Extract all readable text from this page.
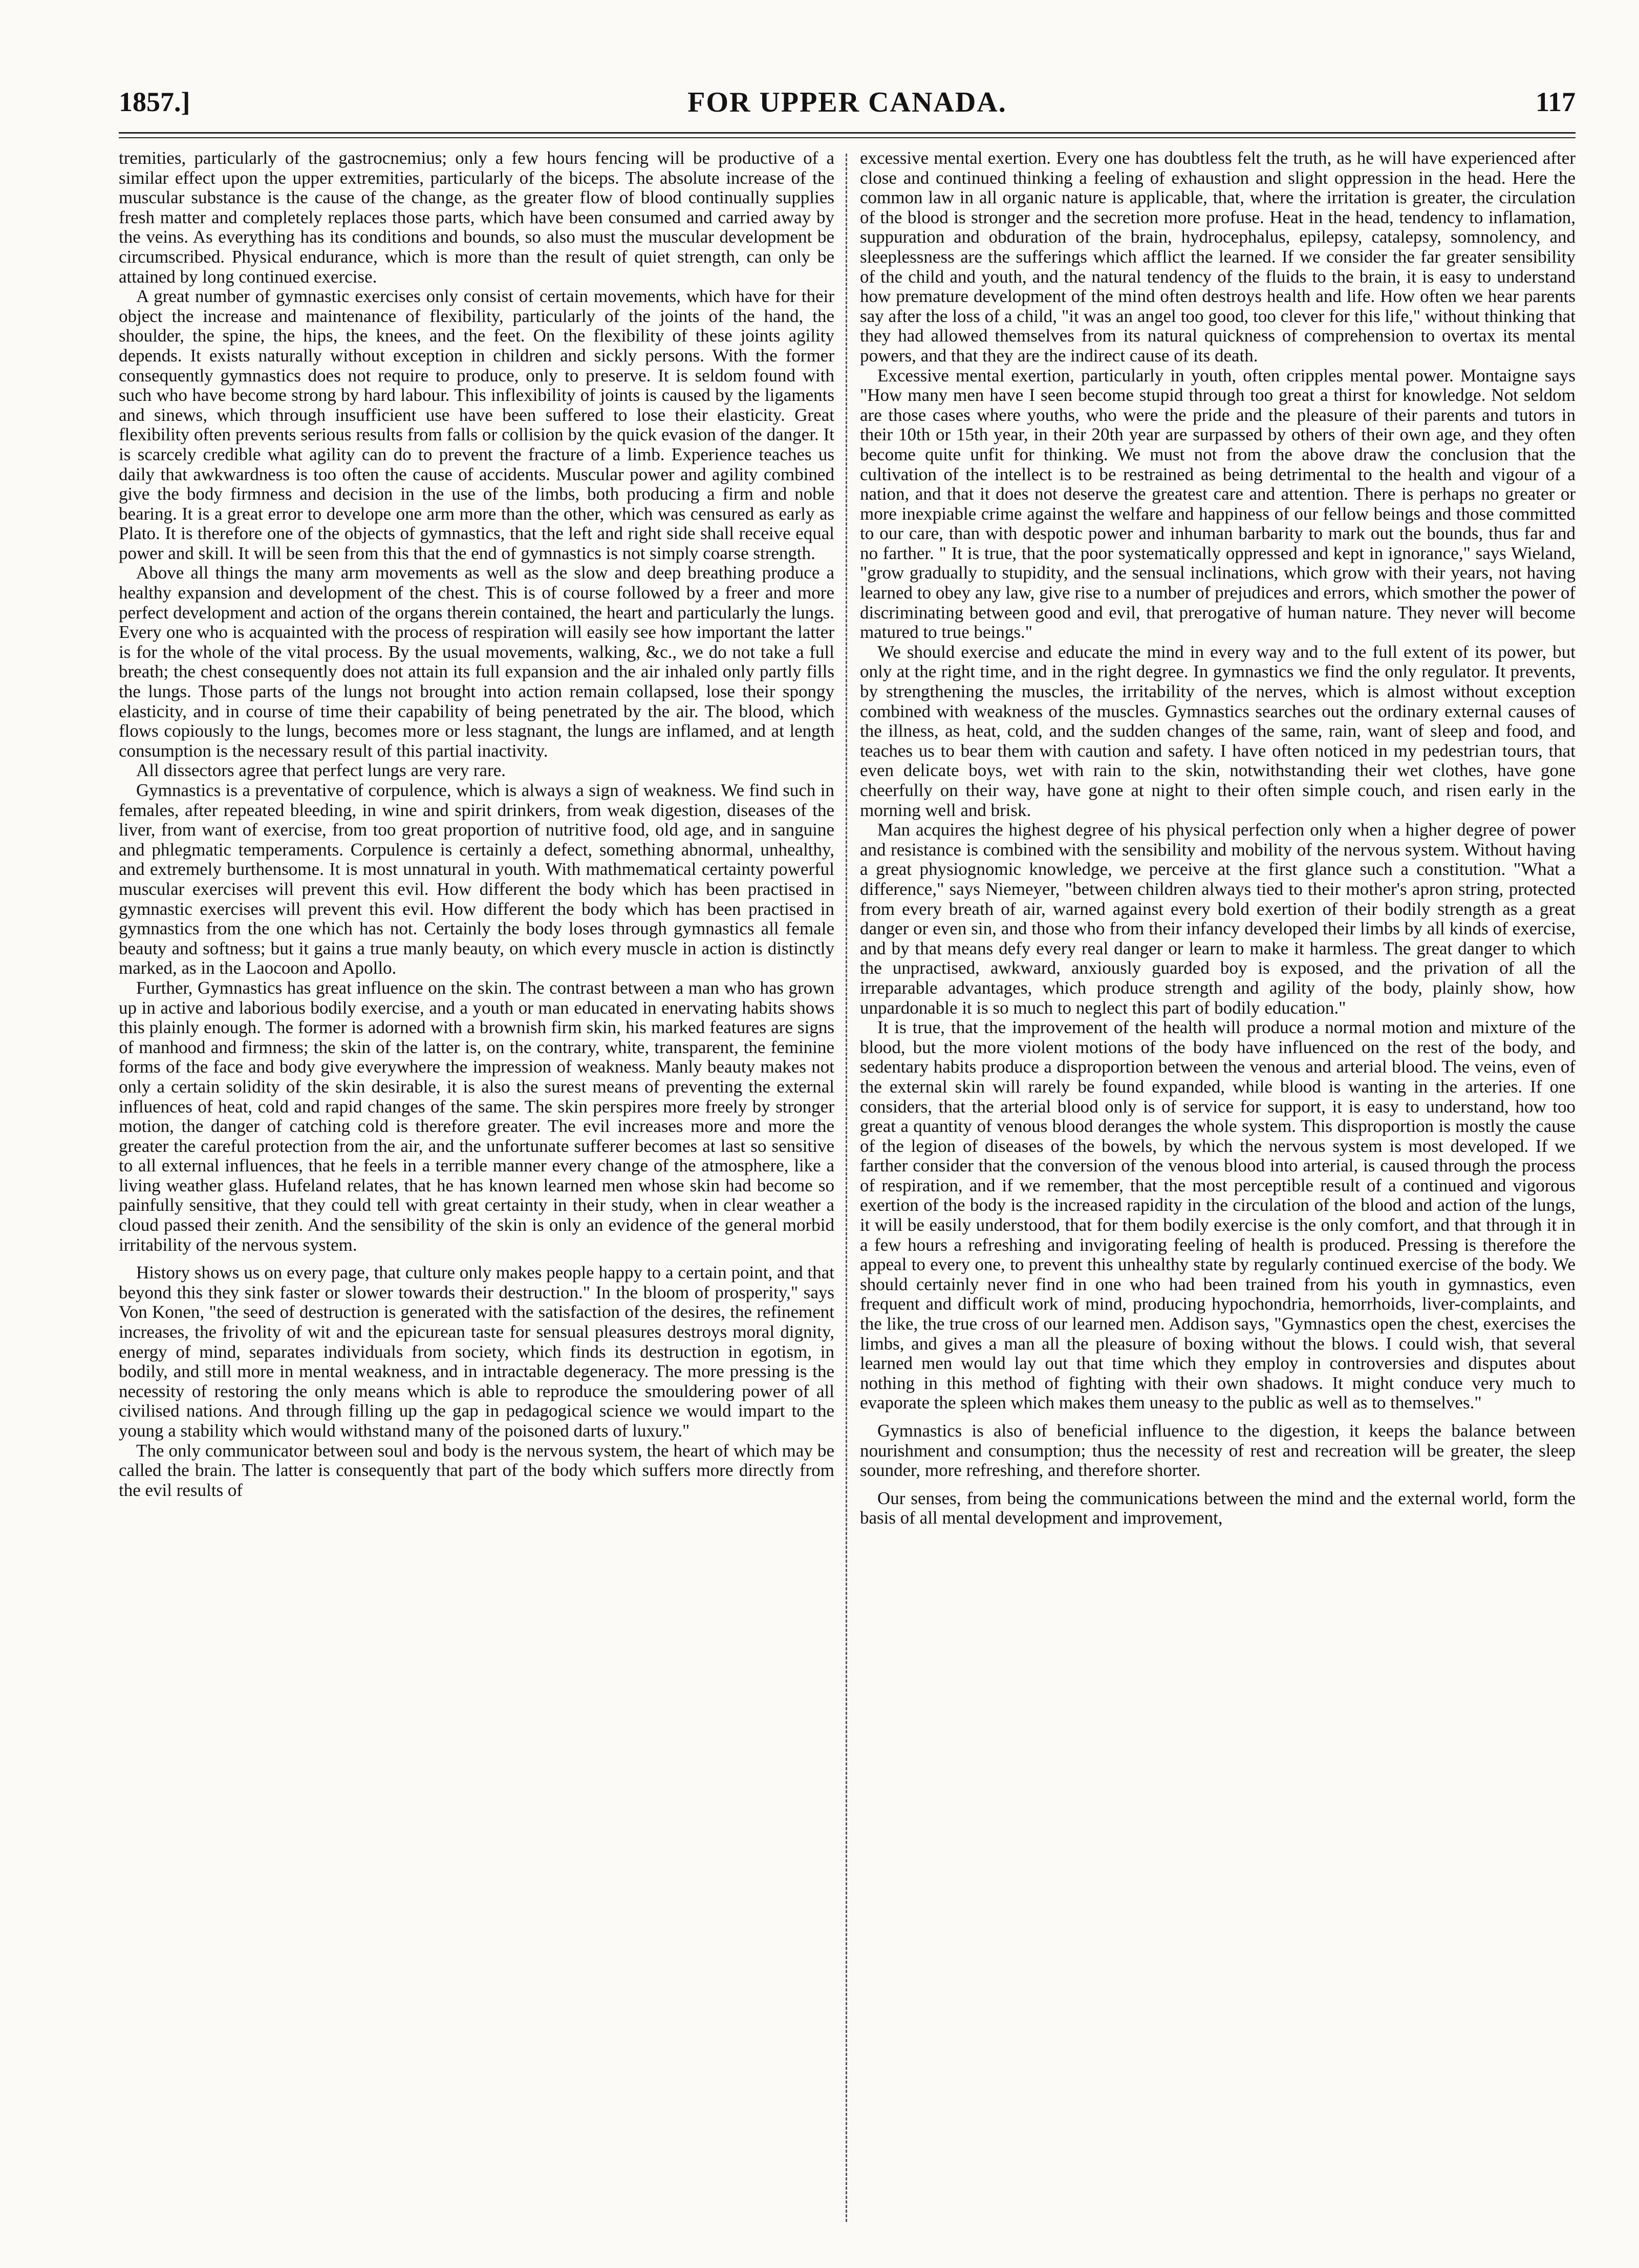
1857.]	FOR UPPER CANADA.	117

tremities, particularly of the gastrocnemius; only a few hours fencing will be productive of a similar effect upon the upper extremities, particularly of the biceps. The absolute increase of the muscular substance is the cause of the change, as the greater flow of blood continually supplies fresh matter and completely replaces those parts, which have been consumed and carried away by the veins. As everything has its conditions and bounds, so also must the muscular development be circumscribed. Physical endurance, which is more than the result of quiet strength, can only be attained by long continued exercise.

A great number of gymnastic exercises only consist of certain movements, which have for their object the increase and maintenance of flexibility, particularly of the joints of the hand, the shoulder, the spine, the hips, the knees, and the feet. On the flexibility of these joints agility depends. It exists naturally without exception in children and sickly persons. With the former consequently gymnastics does not require to produce, only to preserve. It is seldom found with such who have become strong by hard labour. This inflexibility of joints is caused by the ligaments and sinews, which through insufficient use have been suffered to lose their elasticity. Great flexibility often prevents serious results from falls or collision by the quick evasion of the danger. It is scarcely credible what agility can do to prevent the fracture of a limb. Experience teaches us daily that awkwardness is too often the cause of accidents. Muscular power and agility combined give the body firmness and decision in the use of the limbs, both producing a firm and noble bearing. It is a great error to develope one arm more than the other, which was censured as early as Plato. It is therefore one of the objects of gymnastics, that the left and right side shall receive equal power and skill. It will be seen from this that the end of gymnastics is not simply coarse strength.

Above all things the many arm movements as well as the slow and deep breathing produce a healthy expansion and development of the chest. This is of course followed by a freer and more perfect development and action of the organs therein contained, the heart and particularly the lungs. Every one who is acquainted with the process of respiration will easily see how important the latter is for the whole of the vital process. By the usual movements, walking, &c., we do not take a full breath; the chest consequently does not attain its full expansion and the air inhaled only partly fills the lungs. Those parts of the lungs not brought into action remain collapsed, lose their spongy elasticity, and in course of time their capability of being penetrated by the air. The blood, which flows copiously to the lungs, becomes more or less stagnant, the lungs are inflamed, and at length consumption is the necessary result of this partial inactivity.

All dissectors agree that perfect lungs are very rare.

Gymnastics is a preventative of corpulence, which is always a sign of weakness. We find such in females, after repeated bleeding, in wine and spirit drinkers, from weak digestion, diseases of the liver, from want of exercise, from too great proportion of nutritive food, old age, and in sanguine and phlegmatic temperaments. Corpulence is certainly a defect, something abnormal, unhealthy, and extremely burthensome. It is most unnatural in youth. With mathmematical certainty powerful muscular exercises will prevent this evil. How different the body which has been practised in gymnastic exercises will prevent this evil. How different the body which has been practised in gymnastics from the one which has not. Certainly the body loses through gymnastics all female beauty and softness; but it gains a true manly beauty, on which every muscle in action is distinctly marked, as in the Laocoon and Apollo.

Further, Gymnastics has great influence on the skin. The contrast between a man who has grown up in active and laborious bodily exercise, and a youth or man educated in enervating habits shows this plainly enough. The former is adorned with a brownish firm skin, his marked features are signs of manhood and firmness; the skin of the latter is, on the contrary, white, transparent, the feminine forms of the face and body give everywhere the impression of weakness. Manly beauty makes not only a certain solidity of the skin desirable, it is also the surest means of preventing the external influences of heat, cold and rapid changes of the same. The skin perspires more freely by stronger motion, the danger of catching cold is therefore greater. The evil increases more and more the greater the careful protection from the air, and the unfortunate sufferer becomes at last so sensitive to all external influences, that he feels in a terrible manner every change of the atmosphere, like a living weather glass. Hufeland relates, that he has known learned men whose skin had become so painfully sensitive, that they could tell with great certainty in their study, when in clear weather a cloud passed their zenith. And the sensibility of the skin is only an evidence of the general morbid irritability of the nervous system.

History shows us on every page, that culture only makes people happy to a certain point, and that beyond this they sink faster or slower towards their destruction." In the bloom of prosperity," says Von Konen, "the seed of destruction is generated with the satisfaction of the desires, the refinement increases, the frivolity of wit and the epicurean taste for sensual pleasures destroys moral dignity, energy of mind, separates individuals from society, which finds its destruction in egotism, in bodily, and still more in mental weakness, and in intractable degeneracy. The more pressing is the necessity of restoring the only means which is able to reproduce the smouldering power of all civilised nations. And through filling up the gap in pedagogical science we would impart to the young a stability which would withstand many of the poisoned darts of luxury."

The only communicator between soul and body is the nervous system, the heart of which may be called the brain. The latter is consequently that part of the body which suffers more directly from the evil results of

excessive mental exertion. Every one has doubtless felt the truth, as he will have experienced after close and continued thinking a feeling of exhaustion and slight oppression in the head. Here the common law in all organic nature is applicable, that, where the irritation is greater, the circulation of the blood is stronger and the secretion more profuse. Heat in the head, tendency to inflamation, suppuration and obduration of the brain, hydrocephalus, epilepsy, catalepsy, somnolency, and sleeplessness are the sufferings which afflict the learned. If we consider the far greater sensibility of the child and youth, and the natural tendency of the fluids to the brain, it is easy to understand how premature development of the mind often destroys health and life. How often we hear parents say after the loss of a child, "it was an angel too good, too clever for this life," without thinking that they had allowed themselves from its natural quickness of comprehension to overtax its mental powers, and that they are the indirect cause of its death.

Excessive mental exertion, particularly in youth, often cripples mental power. Montaigne says "How many men have I seen become stupid through too great a thirst for knowledge. Not seldom are those cases where youths, who were the pride and the pleasure of their parents and tutors in their 10th or 15th year, in their 20th year are surpassed by others of their own age, and they often become quite unfit for thinking. We must not from the above draw the conclusion that the cultivation of the intellect is to be restrained as being detrimental to the health and vigour of a nation, and that it does not deserve the greatest care and attention. There is perhaps no greater or more inexpiable crime against the welfare and happiness of our fellow beings and those committed to our care, than with despotic power and inhuman barbarity to mark out the bounds, thus far and no farther. " It is true, that the poor systematically oppressed and kept in ignorance," says Wieland, "grow gradually to stupidity, and the sensual inclinations, which grow with their years, not having learned to obey any law, give rise to a number of prejudices and errors, which smother the power of discriminating between good and evil, that prerogative of human nature. They never will become matured to true beings."

We should exercise and educate the mind in every way and to the full extent of its power, but only at the right time, and in the right degree. In gymnastics we find the only regulator. It prevents, by strengthening the muscles, the irritability of the nerves, which is almost without exception combined with weakness of the muscles. Gymnastics searches out the ordinary external causes of the illness, as heat, cold, and the sudden changes of the same, rain, want of sleep and food, and teaches us to bear them with caution and safety. I have often noticed in my pedestrian tours, that even delicate boys, wet with rain to the skin, notwithstanding their wet clothes, have gone cheerfully on their way, have gone at night to their often simple couch, and risen early in the morning well and brisk.

Man acquires the highest degree of his physical perfection only when a higher degree of power and resistance is combined with the sensibility and mobility of the nervous system. Without having a great physiognomic knowledge, we perceive at the first glance such a constitution. "What a difference," says Niemeyer, "between children always tied to their mother's apron string, protected from every breath of air, warned against every bold exertion of their bodily strength as a great danger or even sin, and those who from their infancy developed their limbs by all kinds of exercise, and by that means defy every real danger or learn to make it harmless. The great danger to which the unpractised, awkward, anxiously guarded boy is exposed, and the privation of all the irreparable advantages, which produce strength and agility of the body, plainly show, how unpardonable it is so much to neglect this part of bodily education."

It is true, that the improvement of the health will produce a normal motion and mixture of the blood, but the more violent motions of the body have influenced on the rest of the body, and sedentary habits produce a disproportion between the venous and arterial blood. The veins, even of the external skin will rarely be found expanded, while blood is wanting in the arteries. If one considers, that the arterial blood only is of service for support, it is easy to understand, how too great a quantity of venous blood deranges the whole system. This disproportion is mostly the cause of the legion of diseases of the bowels, by which the nervous system is most developed. If we farther consider that the conversion of the venous blood into arterial, is caused through the process of respiration, and if we remember, that the most perceptible result of a continued and vigorous exertion of the body is the increased rapidity in the circulation of the blood and action of the lungs, it will be easily understood, that for them bodily exercise is the only comfort, and that through it in a few hours a refreshing and invigorating feeling of health is produced. Pressing is therefore the appeal to every one, to prevent this unhealthy state by regularly continued exercise of the body. We should certainly never find in one who had been trained from his youth in gymnastics, even frequent and difficult work of mind, producing hypochondria, hemorrhoids, liver-complaints, and the like, the true cross of our learned men. Addison says, "Gymnastics open the chest, exercises the limbs, and gives a man all the pleasure of boxing without the blows. I could wish, that several learned men would lay out that time which they employ in controversies and disputes about nothing in this method of fighting with their own shadows. It might conduce very much to evaporate the spleen which makes them uneasy to the public as well as to themselves."

Gymnastics is also of beneficial influence to the digestion, it keeps the balance between nourishment and consumption; thus the necessity of rest and recreation will be greater, the sleep sounder, more refreshing, and therefore shorter.

Our senses, from being the communications between the mind and the external world, form the basis of all mental development and improvement,
